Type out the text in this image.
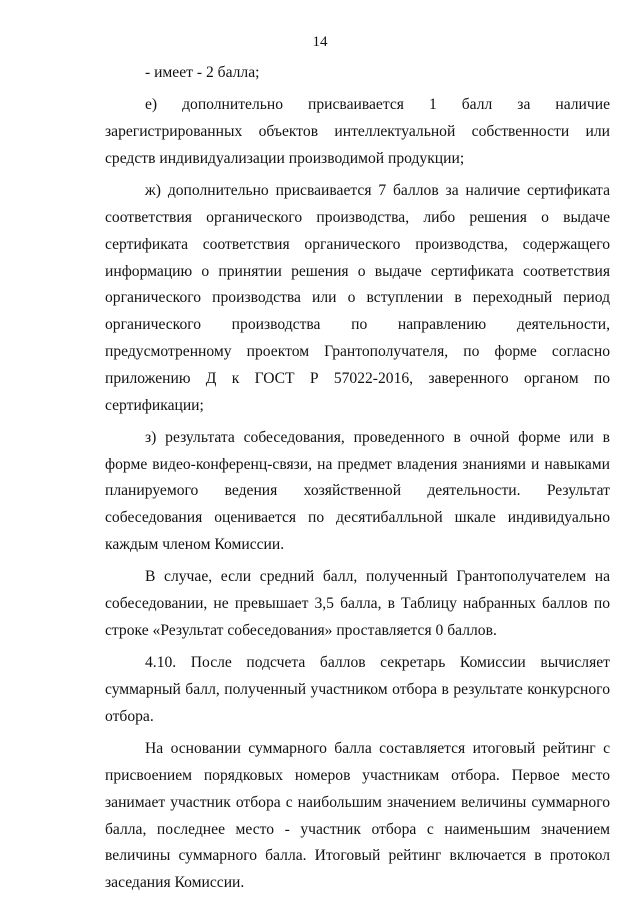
14

- имеет - 2 балла;

е) дополнительно присваивается 1 балл за наличие зарегистрированных объектов интеллектуальной собственности или средств индивидуализации производимой продукции;

ж) дополнительно присваивается 7 баллов за наличие сертификата соответствия органического производства, либо решения о выдаче сертификата соответствия органического производства, содержащего информацию о принятии решения о выдаче сертификата соответствия органического производства или о вступлении в переходный период органического производства по направлению деятельности, предусмотренному проектом Грантополучателя, по форме согласно приложению Д к ГОСТ Р 57022-2016, заверенного органом по сертификации;

з) результата собеседования, проведенного в очной форме или в форме видео-конференц-связи, на предмет владения знаниями и навыками планируемого ведения хозяйственной деятельности. Результат собеседования оценивается по десятибалльной шкале индивидуально каждым членом Комиссии.

В случае, если средний балл, полученный Грантополучателем на собеседовании, не превышает 3,5 балла, в Таблицу набранных баллов по строке «Результат собеседования» проставляется 0 баллов.

4.10. После подсчета баллов секретарь Комиссии вычисляет суммарный балл, полученный участником отбора в результате конкурсного отбора.

На основании суммарного балла составляется итоговый рейтинг с присвоением порядковых номеров участникам отбора. Первое место занимает участник отбора с наибольшим значением величины суммарного балла, последнее место - участник отбора с наименьшим значением величины суммарного балла. Итоговый рейтинг включается в протокол заседания Комиссии.
